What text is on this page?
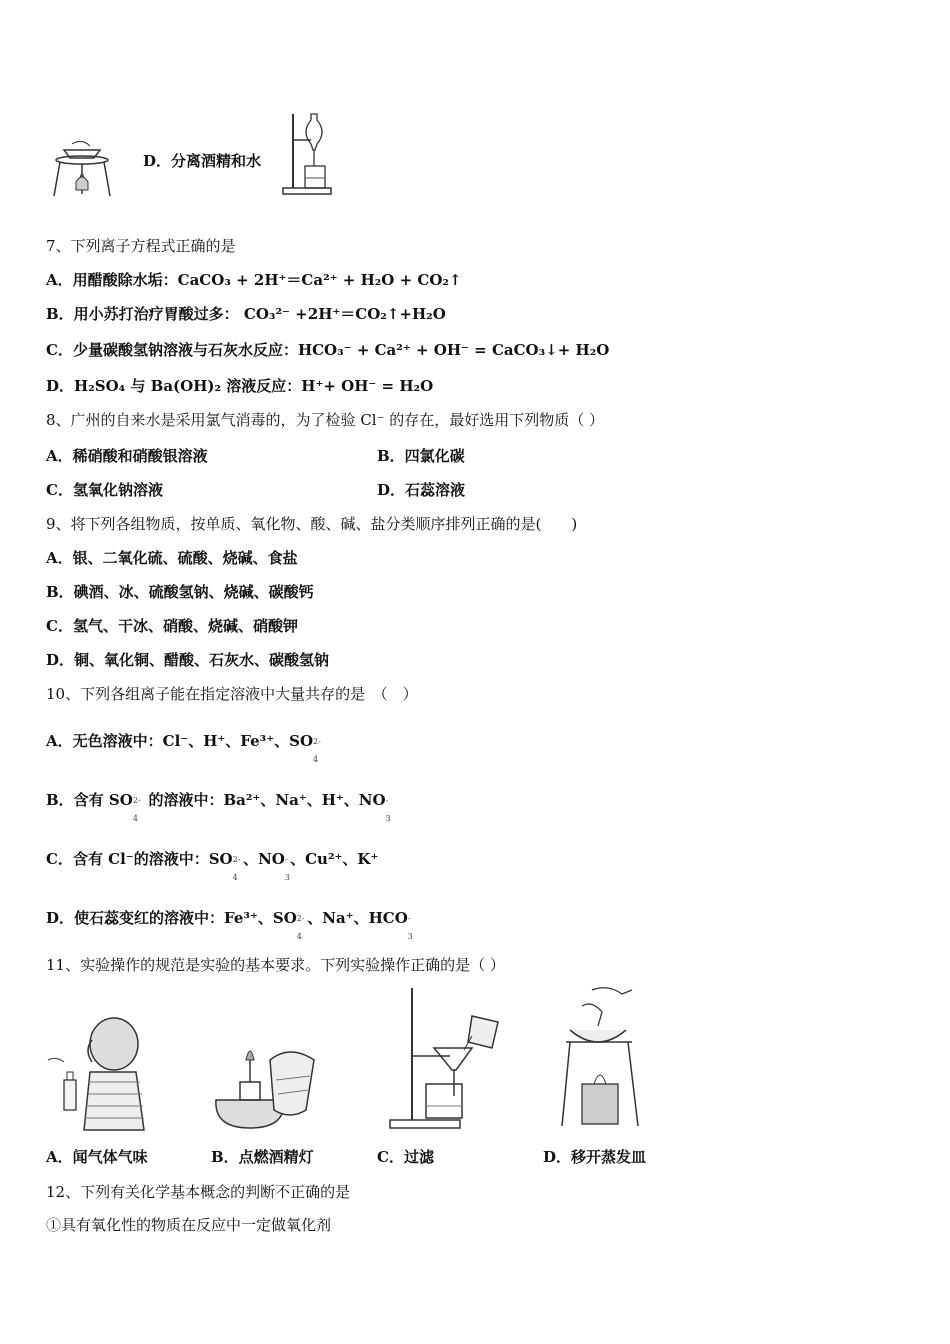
D．分离酒精和水
7、下列离子方程式正确的是
A．用醋酸除水垢：CaCO₃ + 2H⁺＝Ca²⁺ + H₂O + CO₂↑
B．用小苏打治疗胃酸过多： CO₃²⁻ +2H⁺＝CO₂↑+H₂O
C．少量碳酸氢钠溶液与石灰水反应：HCO₃⁻ + Ca²⁺ + OH⁻ = CaCO₃↓+ H₂O
D．H₂SO₄ 与 Ba(OH)₂ 溶液反应：H⁺+ OH⁻ = H₂O
8、广州的自来水是采用氯气消毒的，为了检验 Cl⁻ 的存在，最好选用下列物质（ ）
A．稀硝酸和硝酸银溶液	B．四氯化碳
C．氢氧化钠溶液	D．石蕊溶液
9、将下列各组物质，按单质、氧化物、酸、碱、盐分类顺序排列正确的是(　　)
A．银、二氧化硫、硫酸、烧碱、食盐
B．碘酒、冰、硫酸氢钠、烧碱、碳酸钙
C．氢气、干冰、硝酸、烧碱、硝酸钾
D．铜、氧化铜、醋酸、石灰水、碳酸氢钠
10、下列各组离子能在指定溶液中大量共存的是　（　）
A．无色溶液中：Cl⁻、H⁺、Fe³⁺、SO 2-
4
B．含有 SO 2-
4
的溶液中：Ba²⁺、Na⁺、H⁺、NO -
3
C．含有 Cl⁻的溶液中：SO 2-
4
、NO -
3
、Cu²⁺、K⁺
D．使石蕊变红的溶液中：Fe³⁺、SO 2-
4
、Na⁺、HCO -
3
11、实验操作的规范是实验的基本要求。下列实验操作正确的是（ ）
A．闻气体气味	B．点燃酒精灯	C．过滤	D．移开蒸发皿
12、下列有关化学基本概念的判断不正确的是
①具有氧化性的物质在反应中一定做氧化剂
